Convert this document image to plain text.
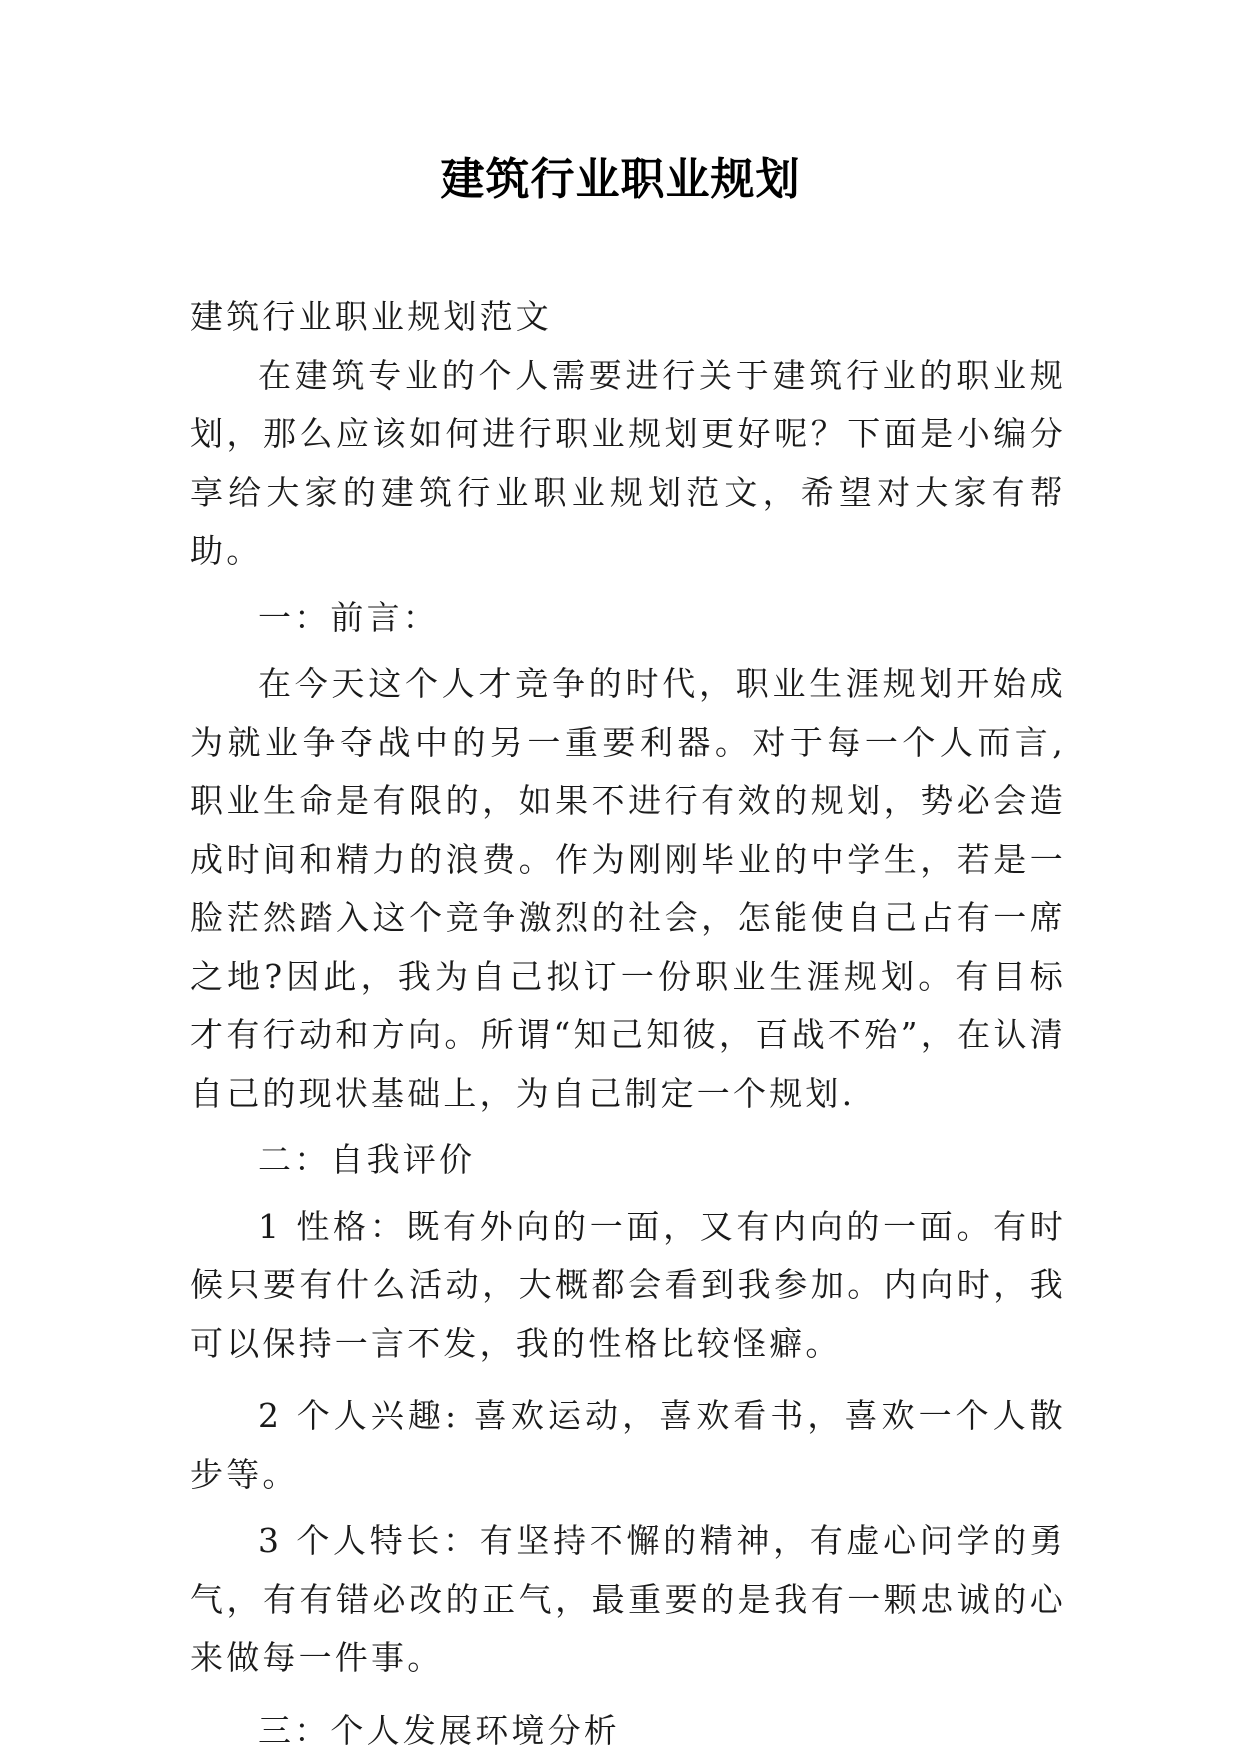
建筑行业职业规划

建筑行业职业规划范文

在建筑专业的个人需要进行关于建筑行业的职业规划，那么应该如何进行职业规划更好呢？下面是小编分享给大家的建筑行业职业规划范文，希望对大家有帮助。

一：前言：

在今天这个人才竞争的时代，职业生涯规划开始成为就业争夺战中的另一重要利器。对于每一个人而言,职业生命是有限的，如果不进行有效的规划，势必会造成时间和精力的浪费。作为刚刚毕业的中学生，若是一脸茫然踏入这个竞争激烈的社会，怎能使自己占有一席之地?因此，我为自己拟订一份职业生涯规划。有目标才有行动和方向。所谓“知己知彼，百战不殆”，在认清自己的现状基础上，为自己制定一个规划.

二：自我评价

1 性格：既有外向的一面，又有内向的一面。有时候只要有什么活动，大概都会看到我参加。内向时，我可以保持一言不发，我的性格比较怪癖。

2 个人兴趣: 喜欢运动，喜欢看书，喜欢一个人散步等。

3 个人特长：有坚持不懈的精神，有虚心问学的勇气，有有错必改的正气，最重要的是我有一颗忠诚的心来做每一件事。

三：个人发展环境分析
